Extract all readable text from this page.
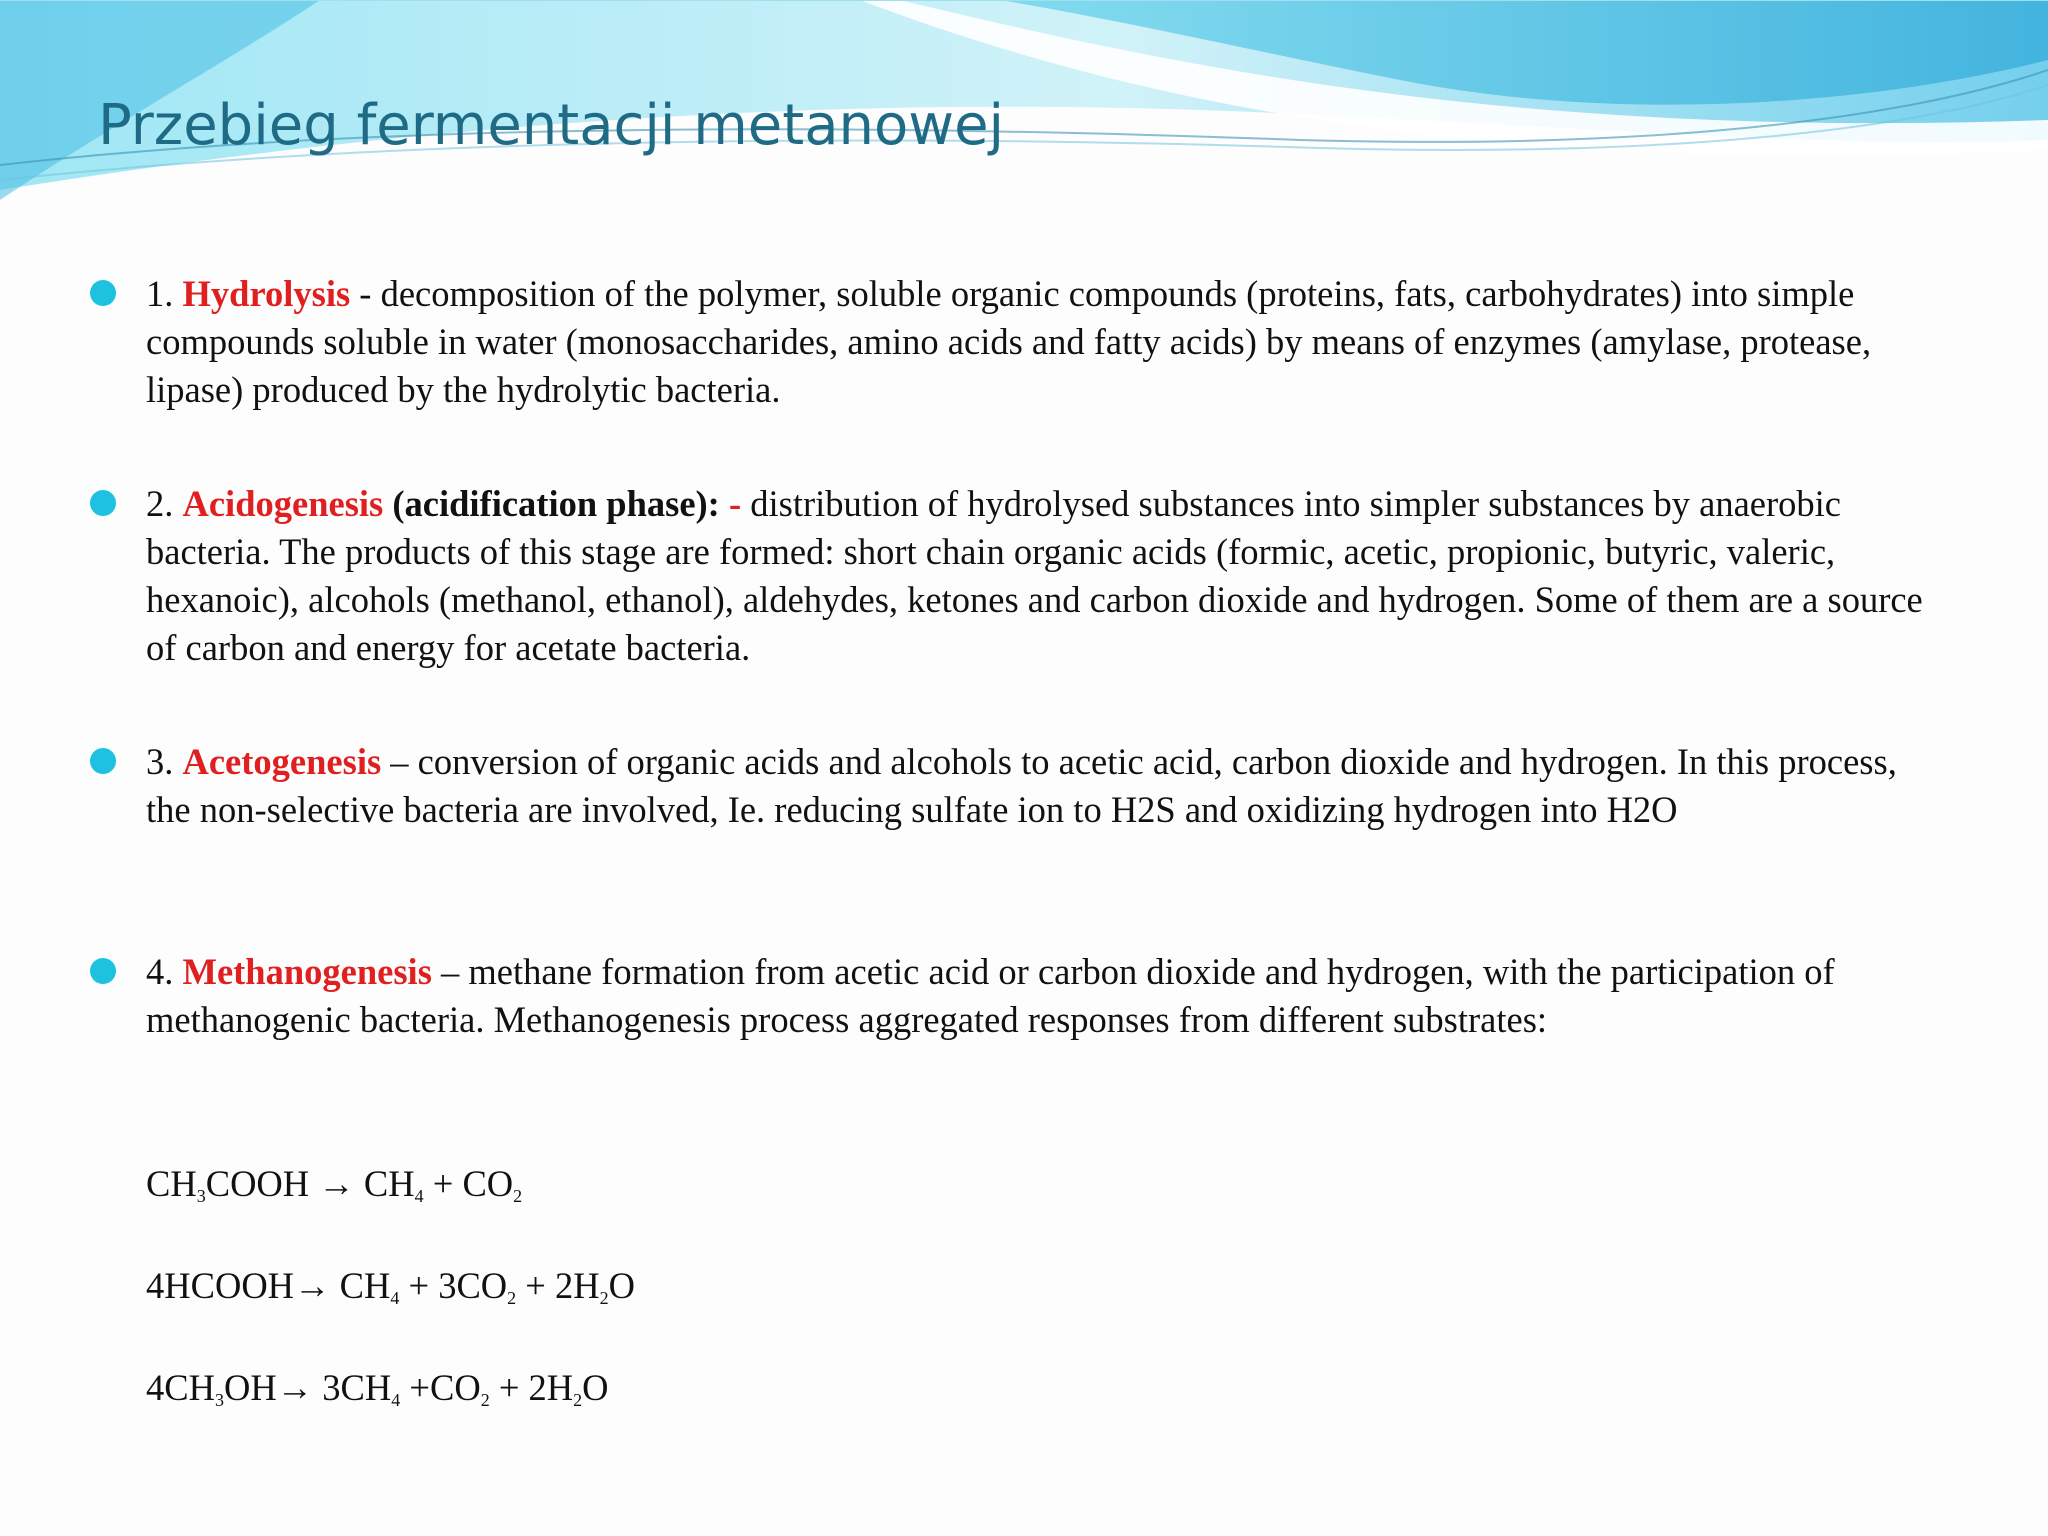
Przebieg fermentacji metanowej

1. Hydrolysis - decomposition of the polymer, soluble organic compounds (proteins, fats, carbohydrates) into simple compounds soluble in water (monosaccharides, amino acids and fatty acids) by means of enzymes (amylase, protease, lipase) produced by the hydrolytic bacteria.

2. Acidogenesis (acidification phase): - distribution of hydrolysed substances into simpler substances by anaerobic bacteria. The products of this stage are formed: short chain organic acids (formic, acetic, propionic, butyric, valeric, hexanoic), alcohols (methanol, ethanol), aldehydes, ketones and carbon dioxide and hydrogen. Some of them are a source of carbon and energy for acetate bacteria.

3. Acetogenesis – conversion of organic acids and alcohols to acetic acid, carbon dioxide and hydrogen. In this process, the non-selective bacteria are involved, Ie. reducing sulfate ion to H2S and oxidizing hydrogen into H2O

4. Methanogenesis – methane formation from acetic acid or carbon dioxide and hydrogen, with the participation of methanogenic bacteria. Methanogenesis process aggregated responses from different substrates:

$CH_3COOH \to CH_4 + CO_2$

4HCOOH→ $CH_4 + 3CO_2 + 2H_2O$

$4CH_3OH\to 3CH_4 +CO_2 + 2H_2O$
